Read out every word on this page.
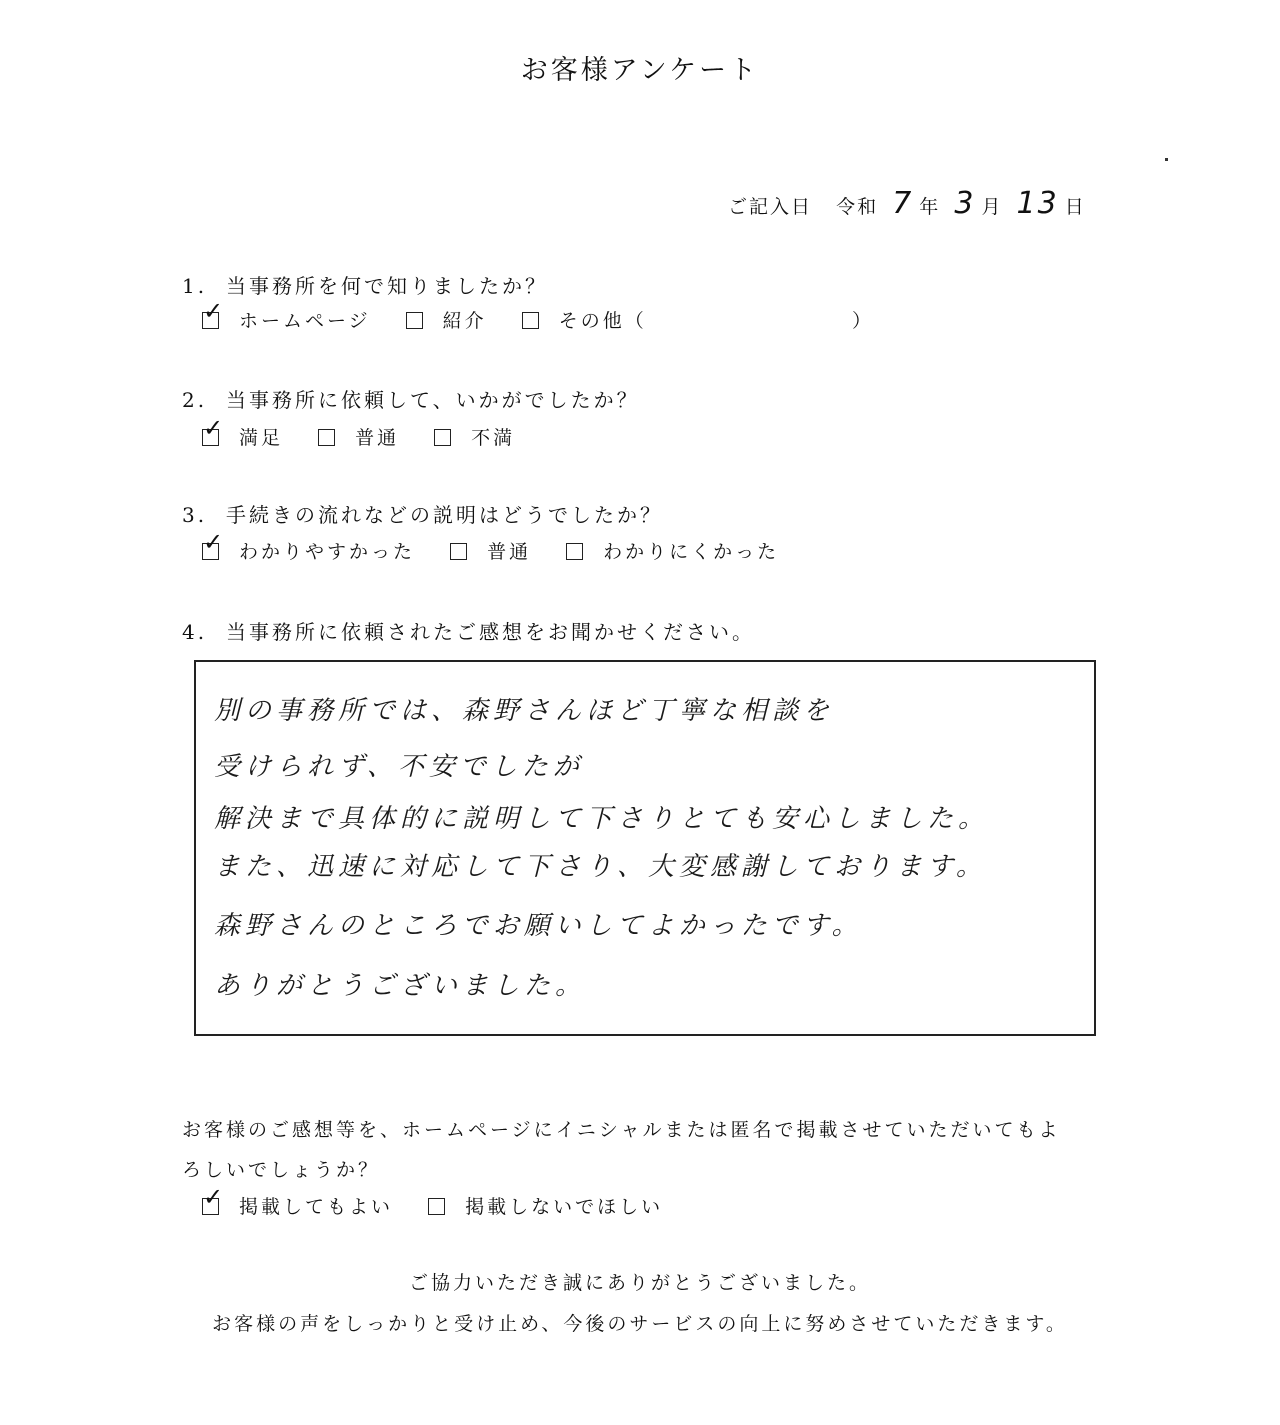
お客様アンケート
ご記入日 令和 7 年 3 月 13 日
1. 当事務所を何で知りましたか？
✓ ホームページ	紹介	その他（	）
2. 当事務所に依頼して、いかがでしたか？
✓ 満足	普通	不満
3. 手続きの流れなどの説明はどうでしたか？
✓ わかりやすかった	普通	わかりにくかった
4. 当事務所に依頼されたご感想をお聞かせください。
別の事務所では、森野さんほど丁寧な相談を
受けられず、不安でしたが
解決まで具体的に説明して下さりとても安心しました。
また、迅速に対応して下さり、大変感謝しております。
森野さんのところでお願いしてよかったです。
ありがとうございました。
お客様のご感想等を、ホームページにイニシャルまたは匿名で掲載させていただいてもよ
ろしいでしょうか？
✓ 掲載してもよい	掲載しないでほしい
ご協力いただき誠にありがとうございました。
お客様の声をしっかりと受け止め、今後のサービスの向上に努めさせていただきます。
